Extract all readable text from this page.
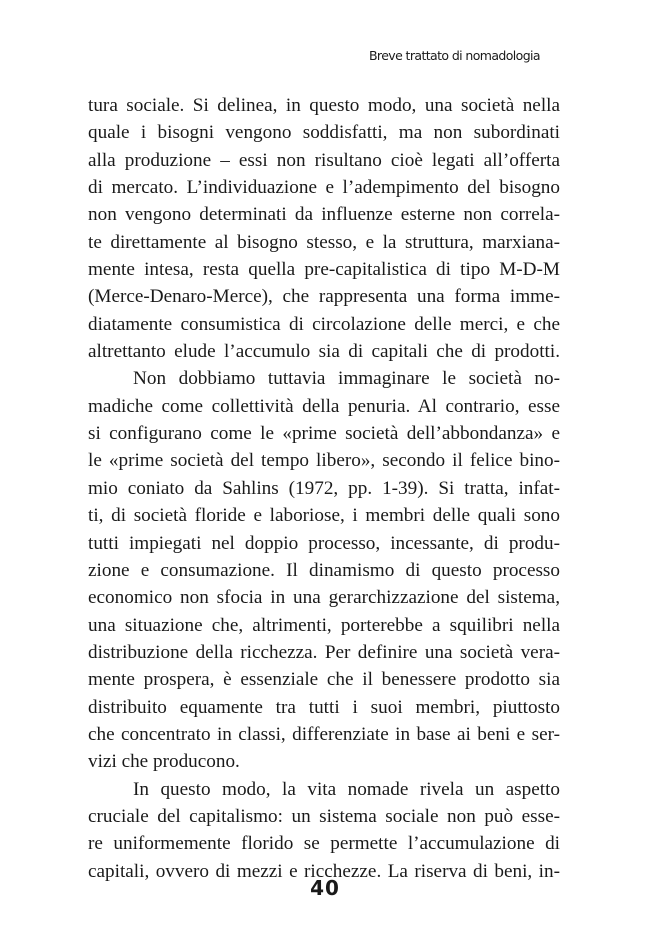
Breve trattato di nomadologia
tura sociale. Si delinea, in questo modo, una società nella
quale i bisogni vengono soddisfatti, ma non subordinati
alla produzione – essi non risultano cioè legati all’offerta
di mercato. L’individuazione e l’adempimento del bisogno
non vengono determinati da influenze esterne non correla-
te direttamente al bisogno stesso, e la struttura, marxiana-
mente intesa, resta quella pre-capitalistica di tipo M-D-M
(Merce-Denaro-Merce), che rappresenta una forma imme-
diatamente consumistica di circolazione delle merci, e che
altrettanto elude l’accumulo sia di capitali che di prodotti.
Non dobbiamo tuttavia immaginare le società no-
madiche come collettività della penuria. Al contrario, esse
si configurano come le «prime società dell’abbondanza» e
le «prime società del tempo libero», secondo il felice bino-
mio coniato da Sahlins (1972, pp. 1-39). Si tratta, infat-
ti, di società floride e laboriose, i membri delle quali sono
tutti impiegati nel doppio processo, incessante, di produ-
zione e consumazione. Il dinamismo di questo processo
economico non sfocia in una gerarchizzazione del sistema,
una situazione che, altrimenti, porterebbe a squilibri nella
distribuzione della ricchezza. Per definire una società vera-
mente prospera, è essenziale che il benessere prodotto sia
distribuito equamente tra tutti i suoi membri, piuttosto
che concentrato in classi, differenziate in base ai beni e ser-
vizi che producono.
In questo modo, la vita nomade rivela un aspetto
cruciale del capitalismo: un sistema sociale non può esse-
re uniformemente florido se permette l’accumulazione di
capitali, ovvero di mezzi e ricchezze. La riserva di beni, in-
40
